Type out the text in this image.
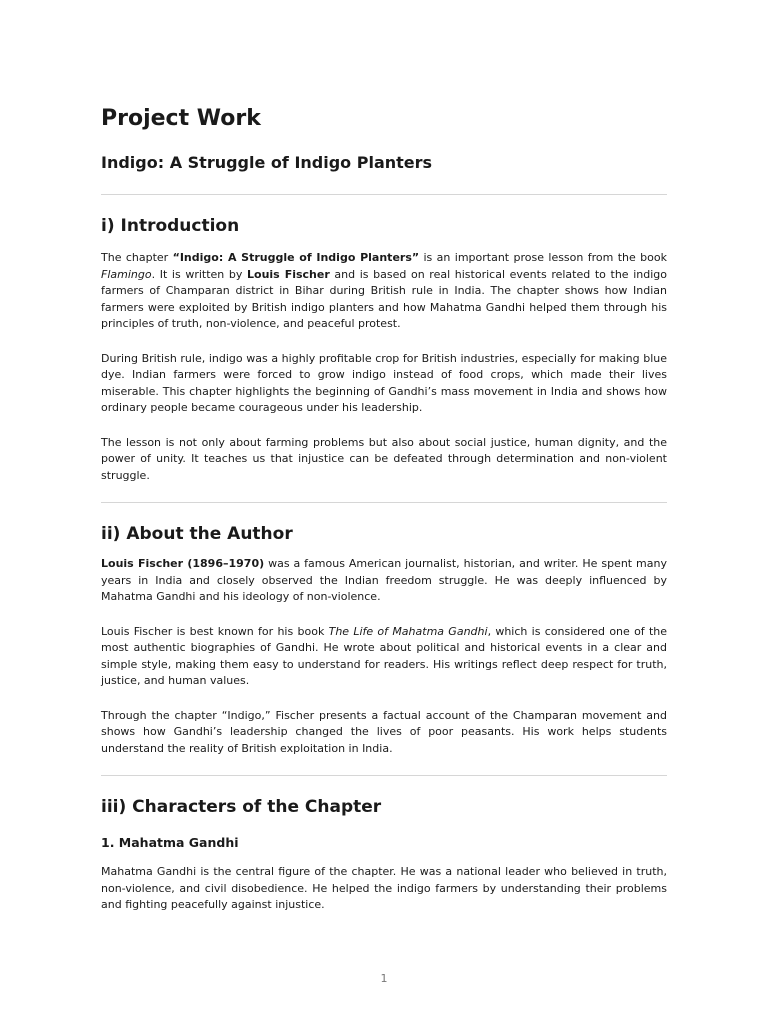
Project Work
Indigo: A Struggle of Indigo Planters
i) Introduction

The chapter “Indigo: A Struggle of Indigo Planters” is an important prose lesson from the book Flamingo. It is written by Louis Fischer and is based on real historical events related to the indigo farmers of Champaran district in Bihar during British rule in India. The chapter shows how Indian farmers were exploited by British indigo planters and how Mahatma Gandhi helped them through his principles of truth, non-violence, and peaceful protest.

During British rule, indigo was a highly profitable crop for British industries, especially for making blue dye. Indian farmers were forced to grow indigo instead of food crops, which made their lives miserable. This chapter highlights the beginning of Gandhi’s mass movement in India and shows how ordinary people became courageous under his leadership.

The lesson is not only about farming problems but also about social justice, human dignity, and the power of unity. It teaches us that injustice can be defeated through determination and non-violent struggle.

ii) About the Author

Louis Fischer (1896–1970) was a famous American journalist, historian, and writer. He spent many years in India and closely observed the Indian freedom struggle. He was deeply influenced by Mahatma Gandhi and his ideology of non-violence.

Louis Fischer is best known for his book The Life of Mahatma Gandhi, which is considered one of the most authentic biographies of Gandhi. He wrote about political and historical events in a clear and simple style, making them easy to understand for readers. His writings reflect deep respect for truth, justice, and human values.

Through the chapter “Indigo,” Fischer presents a factual account of the Champaran movement and shows how Gandhi’s leadership changed the lives of poor peasants. His work helps students understand the reality of British exploitation in India.

iii) Characters of the Chapter
1. Mahatma Gandhi

Mahatma Gandhi is the central figure of the chapter. He was a national leader who believed in truth, non-violence, and civil disobedience. He helped the indigo farmers by understanding their problems and fighting peacefully against injustice.

1
